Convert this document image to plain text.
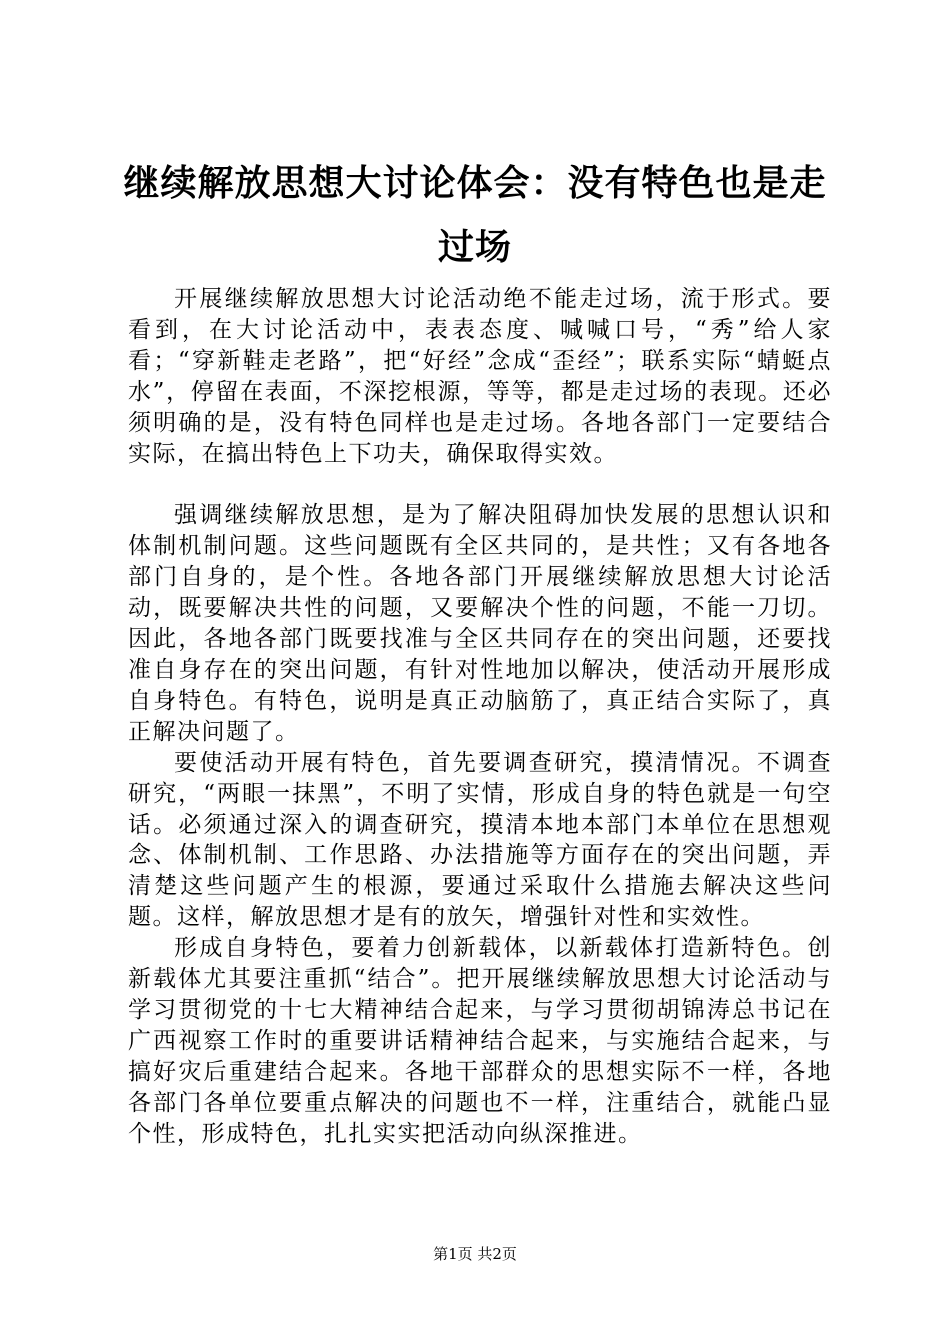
继续解放思想大讨论体会：没有特色也是走过场

开展继续解放思想大讨论活动绝不能走过场，流于形式。要看到，在大讨论活动中，表表态度、喊喊口号，“秀”给人家看；“穿新鞋走老路”，把“好经”念成“歪经”；联系实际“蜻蜓点水”，停留在表面，不深挖根源，等等，都是走过场的表现。还必须明确的是，没有特色同样也是走过场。各地各部门一定要结合实际，在搞出特色上下功夫，确保取得实效。

强调继续解放思想，是为了解决阻碍加快发展的思想认识和体制机制问题。这些问题既有全区共同的，是共性；又有各地各部门自身的，是个性。各地各部门开展继续解放思想大讨论活动，既要解决共性的问题，又要解决个性的问题，不能一刀切。因此，各地各部门既要找准与全区共同存在的突出问题，还要找准自身存在的突出问题，有针对性地加以解决，使活动开展形成自身特色。有特色，说明是真正动脑筋了，真正结合实际了，真正解决问题了。

要使活动开展有特色，首先要调查研究，摸清情况。不调查研究，“两眼一抹黑”，不明了实情，形成自身的特色就是一句空话。必须通过深入的调查研究，摸清本地本部门本单位在思想观念、体制机制、工作思路、办法措施等方面存在的突出问题，弄清楚这些问题产生的根源，要通过采取什么措施去解决这些问题。这样，解放思想才是有的放矢，增强针对性和实效性。

形成自身特色，要着力创新载体，以新载体打造新特色。创新载体尤其要注重抓“结合”。把开展继续解放思想大讨论活动与学习贯彻党的十七大精神结合起来，与学习贯彻胡锦涛总书记在广西视察工作时的重要讲话精神结合起来，与实施结合起来，与搞好灾后重建结合起来。各地干部群众的思想实际不一样，各地各部门各单位要重点解决的问题也不一样，注重结合，就能凸显个性，形成特色，扎扎实实把活动向纵深推进。

第1页 共2页
